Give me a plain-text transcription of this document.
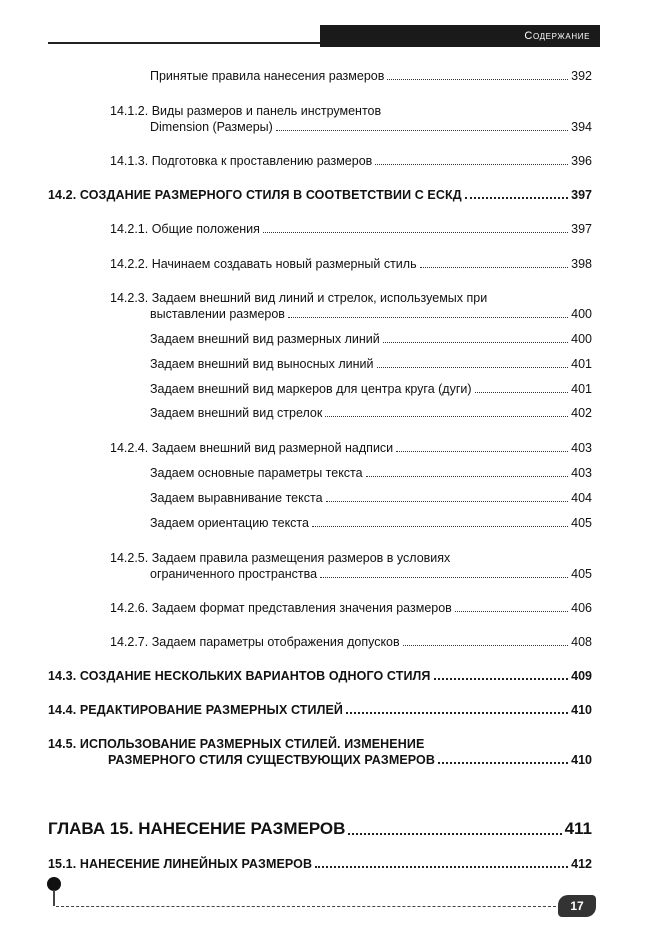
Содержание
Принятые правила нанесения размеров	392
14.1.2. Виды размеров и панель инструментов
Dimension (Размеры)	394
14.1.3. Подготовка к проставлению размеров	396
14.2. СОЗДАНИЕ РАЗМЕРНОГО СТИЛЯ В СООТВЕТСТВИИ С ЕСКД	397
14.2.1. Общие положения	397
14.2.2. Начинаем создавать новый размерный стиль	398
14.2.3. Задаем внешний вид линий и стрелок, используемых при
выставлении размеров	400
Задаем внешний вид размерных линий	400
Задаем внешний вид выносных линий	401
Задаем внешний вид маркеров для центра круга (дуги)	401
Задаем внешний вид стрелок	402
14.2.4. Задаем внешний вид размерной надписи	403
Задаем основные параметры текста	403
Задаем выравнивание текста	404
Задаем ориентацию текста	405
14.2.5. Задаем правила размещения размеров в условиях
ограниченного пространства	405
14.2.6. Задаем формат представления значения размеров	406
14.2.7. Задаем параметры отображения допусков	408
14.3. СОЗДАНИЕ НЕСКОЛЬКИХ ВАРИАНТОВ ОДНОГО СТИЛЯ	409
14.4. РЕДАКТИРОВАНИЕ РАЗМЕРНЫХ СТИЛЕЙ	410
14.5. ИСПОЛЬЗОВАНИЕ РАЗМЕРНЫХ СТИЛЕЙ. ИЗМЕНЕНИЕ
РАЗМЕРНОГО СТИЛЯ СУЩЕСТВУЮЩИХ РАЗМЕРОВ	410
ГЛАВА 15. НАНЕСЕНИЕ РАЗМЕРОВ	411
15.1. НАНЕСЕНИЕ ЛИНЕЙНЫХ РАЗМЕРОВ	412
17
